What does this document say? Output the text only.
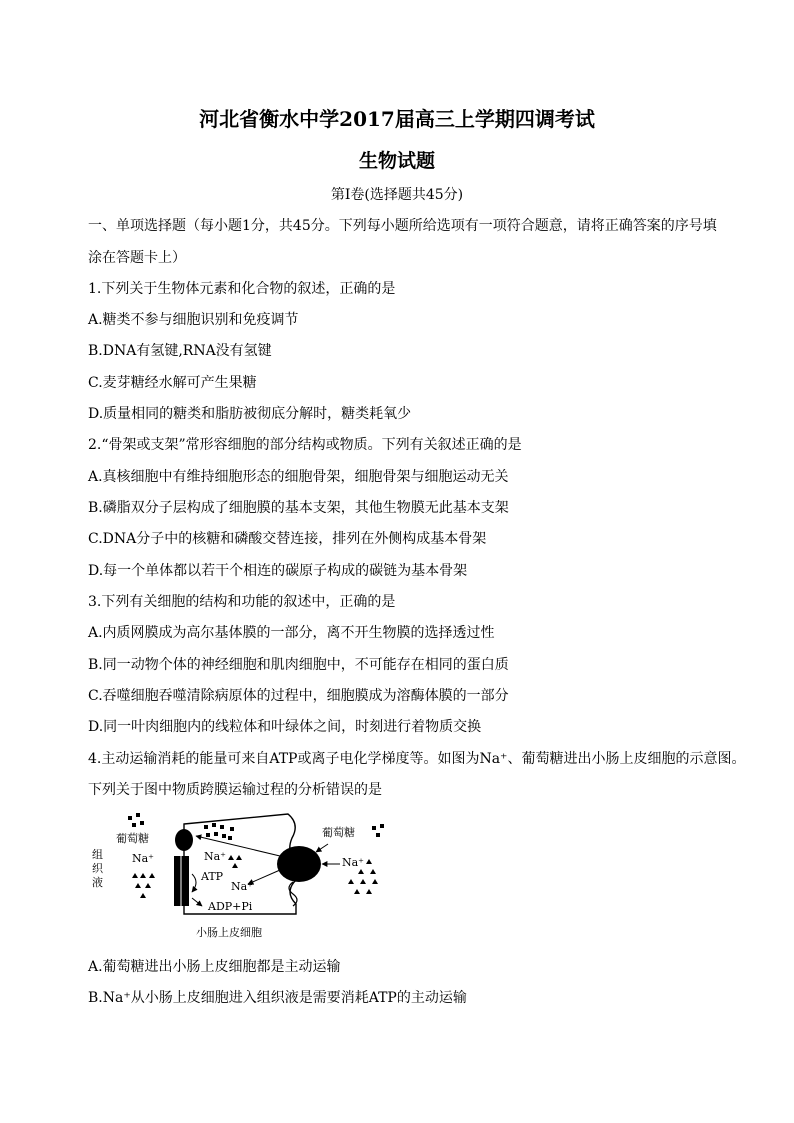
河北省衡水中学2017届高三上学期四调考试
生物试题
第Ⅰ卷(选择题共45分)
一、单项选择题（每小题1分，共45分。下列每小题所给选项有一项符合题意，请将正确答案的序号填
涂在答题卡上）
1.下列关于生物体元素和化合物的叙述，正确的是
A.糖类不参与细胞识别和免疫调节
B.DNA有氢键,RNA没有氢键
C.麦芽糖经水解可产生果糖
D.质量相同的糖类和脂肪被彻底分解时，糖类耗氧少
2.“骨架或支架”常形容细胞的部分结构或物质。下列有关叙述正确的是
A.真核细胞中有维持细胞形态的细胞骨架，细胞骨架与细胞运动无关
B.磷脂双分子层构成了细胞膜的基本支架，其他生物膜无此基本支架
C.DNA分子中的核糖和磷酸交替连接，排列在外侧构成基本骨架
D.每一个单体都以若干个相连的碳原子构成的碳链为基本骨架
3.下列有关细胞的结构和功能的叙述中，正确的是
A.内质网膜成为高尔基体膜的一部分，离不开生物膜的选择透过性
B.同一动物个体的神经细胞和肌肉细胞中，不可能存在相同的蛋白质
C.吞噬细胞吞噬清除病原体的过程中，细胞膜成为溶酶体膜的一部分
D.同一叶肉细胞内的线粒体和叶绿体之间，时刻进行着物质交换
4.主动运输消耗的能量可来自ATP或离子电化学梯度等。如图为Na⁺、葡萄糖进出小肠上皮细胞的示意图。
下列关于图中物质跨膜运输过程的分析错误的是
组
织
液
葡萄糖
Na⁺	Na⁺
ATP
Na⁺
ADP+Pi
葡萄糖
Na⁺
小肠上皮细胞
A.葡萄糖进出小肠上皮细胞都是主动运输
B.Na⁺从小肠上皮细胞进入组织液是需要消耗ATP的主动运输
